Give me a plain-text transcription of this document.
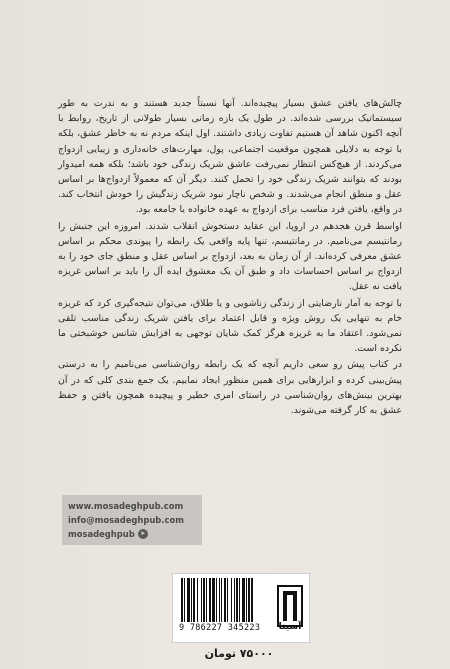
چالش‌های یافتن عشق بسیار پیچیده‌اند. آنها نسبتاً جدید هستند و به ندرت به طور سیستماتیک بررسی شده‌اند. در طول یک بازه زمانی بسیار طولانی از تاریخ، روابط با آنچه اکنون شاهد آن هستیم تفاوت زیادی داشتند. اول اینکه مردم نه به خاطر عشق، بلکه با توجه به دلایلی همچون موقعیت اجتماعی، پول، مهارت‌های خانه‌داری و زیبایی ازدواج می‌کردند. از هیچ‌کس انتظار نمی‌رفت عاشق شریک زندگی خود باشد؛ بلکه همه امیدوار بودند که بتوانند شریک زندگی خود را تحمل کنند. دیگر آن که معمولاً ازدواج‌ها بر اساس عقل و منطق انجام می‌شدند. و شخص ناچار نبود شریک زندگیش را خودش انتخاب کند. در واقع، یافتن فرد مناسب برای ازدواج به عهده خانواده یا جامعه بود.

اواسط قرن هجدهم در اروپا، این عقاید دستخوش انقلاب شدند. امروزه این جنبش را رمانتیسم می‌نامیم. در رمانتیسم، تنها پایه واقعی یک رابطه را پیوندی محکم بر اساس عشق معرفی کرده‌اند. از آن زمان به بعد، ازدواج بر اساس عقل و منطق جای خود را به ازدواج بر اساس احساسات داد و طبق آن یک معشوق ایده آل را باید بر اساس غریزه یافت نه عقل.

با توجه به آمار نارضایتی از زندگی زناشویی و یا طلاق، می‌توان نتیجه‌گیری کرد که غریزه خام به تنهایی یک روش ویژه و قابل اعتماد برای یافتن شریک زندگی مناسب تلقی نمی‌شود. اعتقاد ما به غریزه هرگز کمک شایان توجهی به افزایش شانس خوشبختی ما نکرده است.

در کتاب پیش رو سعی داریم آنچه که یک رابطه روان‌شناسی می‌نامیم را به درستی پیش‌بینی کرده و ابزارهایی برای همین منظور ایجاد نماییم. یک جمع بندی کلی که در آن بهترین بینش‌های روان‌شناسی در راستای امری خطیر و پیچیده همچون یافتن و حفظ عشق به کار گرفته می‌شوند.

www.mosadeghpub.com
info@mosadeghpub.com
mosadeghpub ➤
9 786227 345223	آسینا
۷۵۰۰۰ تومان
